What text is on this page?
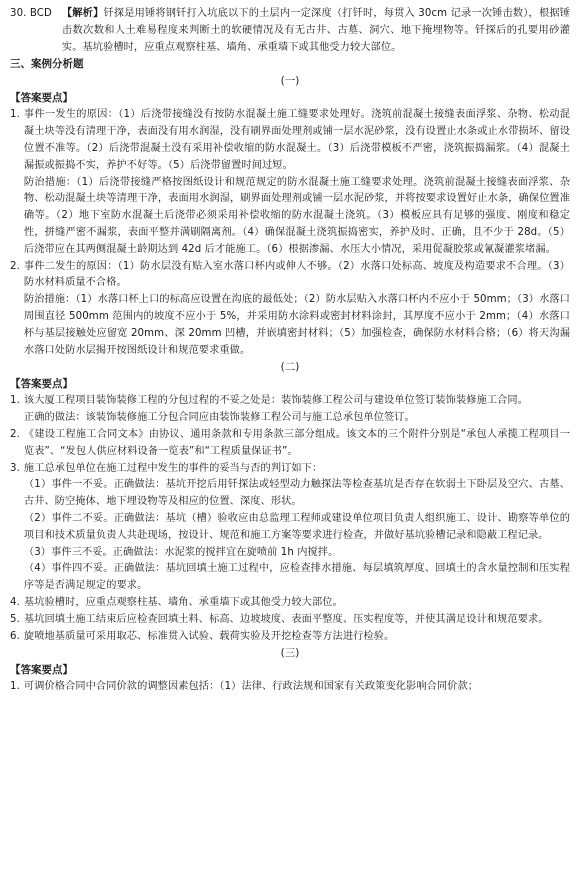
30. BCD 【解析】钎探是用锤将钢钎打入坑底以下的土层内一定深度（打钎时，每贯入 30cm 记录一次锤击数），根据锤击数次数和人土难易程度来判断土的软硬情况及有无古井、古墓、洞穴、地下掩埋物等。钎探后的孔要用砂灌实。基坑验槽时，应重点观察柱基、墙角、承重墙下或其他受力较大部位。
三、案例分析题
(一)
【答案要点】
1. 事件一发生的原因：（1）后浇带接缝没有按防水混凝土施工缝要求处理好。浇筑前混凝土接缝表面浮浆、杂物、松动混凝土块等没有清理干净，表面没有用水润湿，没有刷界面处理剂或铺一层水泥砂浆，没有设置止水条或止水带损坏、留设位置不准等。（2）后浇带混凝土没有采用补偿收缩的防水混凝土。（3）后浇带模板不严密，浇筑振捣漏浆。（4）混凝土漏振或振捣不实，养护不好等。（5）后浇带留置时间过短。
防治措施：（1）后浇带接缝严格按图纸设计和规范规定的防水混凝土施工缝要求处理。浇筑前混凝土接缝表面浮浆、杂物、松动混凝土块等清理干净，表面用水润湿，刷界面处理剂或铺一层水泥砂浆，并将按要求设置好止水条，确保位置准确等。（2）地下室防水混凝土后浇带必须采用补偿收缩的防水混凝土浇筑。（3）模板应具有足够的强度、刚度和稳定性，拼缝严密不漏浆，表面平整并满刷隔离剂。（4）确保混凝土浇筑振捣密实，养护及时、正确，且不少于 28d。（5）后浇带应在其两侧混凝土龄期达到 42d 后才能施工。（6）根据渗漏、水压大小情况，采用促凝胶浆或氰凝灌浆堵漏。
2. 事件二发生的原因：（1）防水层没有贴入室水落口杯内或伸人不够。（2）水落口处标高、坡度及构造要求不合理。（3）防水材料质量不合格。
防治措施：（1）水落口杯上口的标高应设置在沟底的最低处；（2）防水层贴入水落口杯内不应小于 50mm；（3）水落口周围直径 500mm 范围内的坡度不应小于 5%，并采用防水涂料或密封材料涂封，其厚度不应小于 2mm；（4）水落口杯与基层接触处应留宽 20mm、深 20mm 凹槽，并嵌填密封材料；（5）加强检查，确保防水材料合格；（6）将天沟漏水落口处防水层揭开按图纸设计和规范要求重做。
(二)
【答案要点】
1. 该大厦工程项目装饰装修工程的分包过程的不妥之处是：装饰装修工程公司与建设单位签订装饰装修施工合同。
正确的做法：该装饰装修施工分包合同应由装饰装修工程公司与施工总承包单位签订。
2. 《建设工程施工合同文本》由协议、通用条款和专用条款三部分组成。该文本的三个附件分别是“承包人承揽工程项目一览表”、“发包人供应材料设备一览表”和“工程质量保证书”。
3. 施工总承包单位在施工过程中发生的事件的妥当与否的判订如下：
（1）事件一不妥。正确做法：基坑开挖后用钎探法或轻型动力触探法等检查基坑是否存在软弱土下卧层及空穴、古墓、古井、防空掩体、地下埋设物等及相应的位置、深度、形状。
（2）事件二不妥。正确做法：基坑（槽）验收应由总监理工程师或建设单位项目负责人组织施工、设计、勘察等单位的项目和技术质量负责人共赴现场，按设计、规范和施工方案等要求进行检查，并做好基坑验槽记录和隐蔽工程记录。
（3）事件三不妥。正确做法：水泥浆的搅拌宜在旋喷前 1h 内搅拌。
（4）事件四不妥。正确做法：基坑回填土施工过程中，应检查排水措施、每层填筑厚度、回填土的含水量控制和压实程序等是否满足规定的要求。
4. 基坑验槽时，应重点观察柱基、墙角、承重墙下或其他受力较大部位。
5. 基坑回填土施工结束后应检查回填土料、标高、边坡坡度、表面平整度、压实程度等，并使其满足设计和规范要求。
6. 旋喷地基质量可采用取芯、标准贯入试验、载荷实验及开挖检查等方法进行检验。
(三)
【答案要点】
1. 可调价格合同中合同价款的调整因素包括：（1）法律、行政法规和国家有关政策变化影响合同价款；
